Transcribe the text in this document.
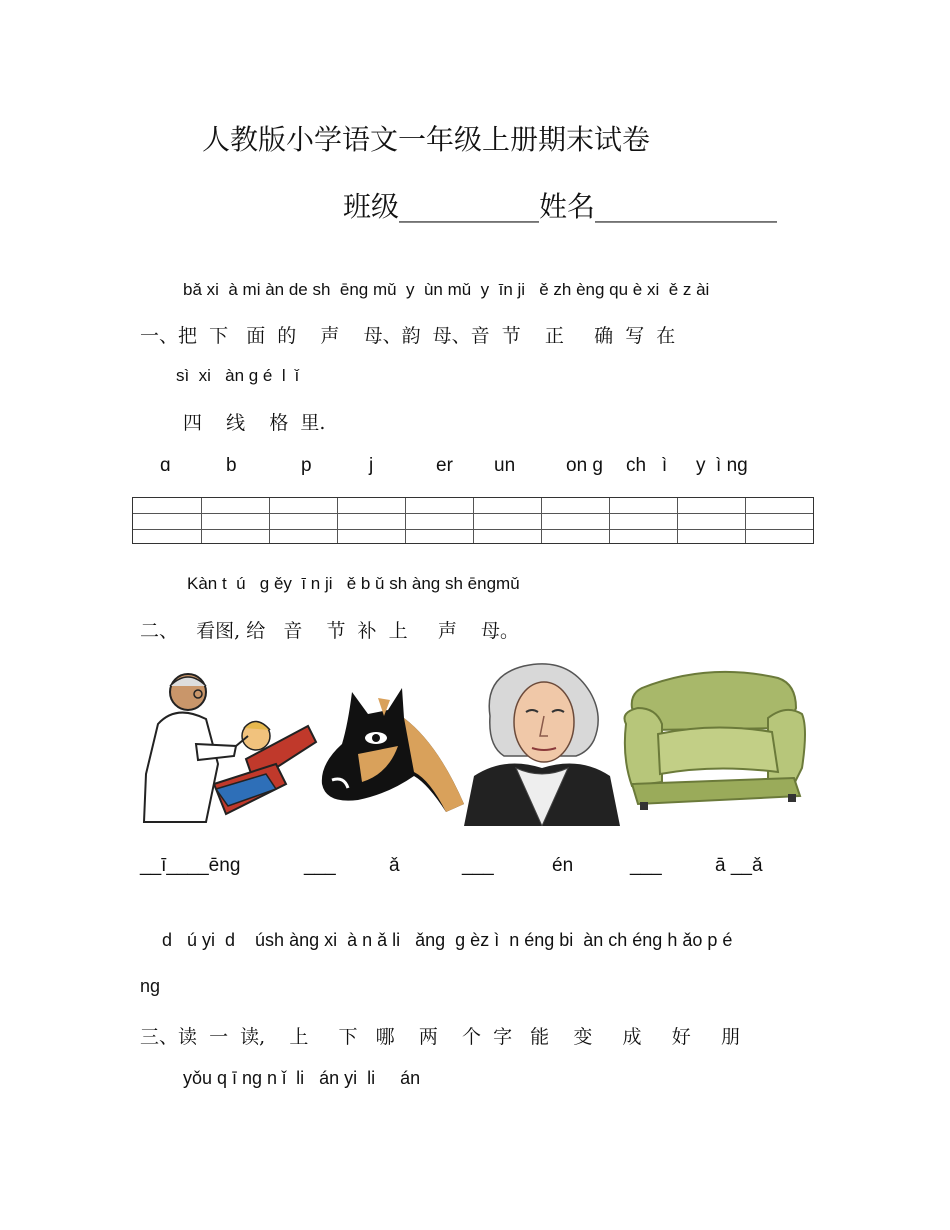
人教版小学语文一年级上册期末试卷
班级__________姓名_____________
bǎ xi  à mi àn de sh  ēng mǔ  y  ùn mǔ  y  īn ji   ě zh èng qu è xi  ě z ài
一、把  下   面  的    声    母、韵  母、音  节    正     确  写  在
sì  xi   àn g é  l  ǐ
四    线    格  里.
ɑ	b	p	j	er un	on g ch   ì y  ì ng
Kàn t  ú   g ěy  ī n ji   ě b ǔ sh àng sh ēngmǔ
二、   看图, 给   音    节  补  上     声    母。
__ī____ēng	___	ǎ	___	én	___	ā __ǎ
d   ú yi  d    úsh àng xi  à n ǎ li   ǎng  g èz ì  n éng bi  àn ch éng h ǎo p é
ng
三、读  一  读,    上     下   哪    两    个  字   能    变     成     好     朋
yǒu q ī ng n ǐ  li   án yi  li     án
